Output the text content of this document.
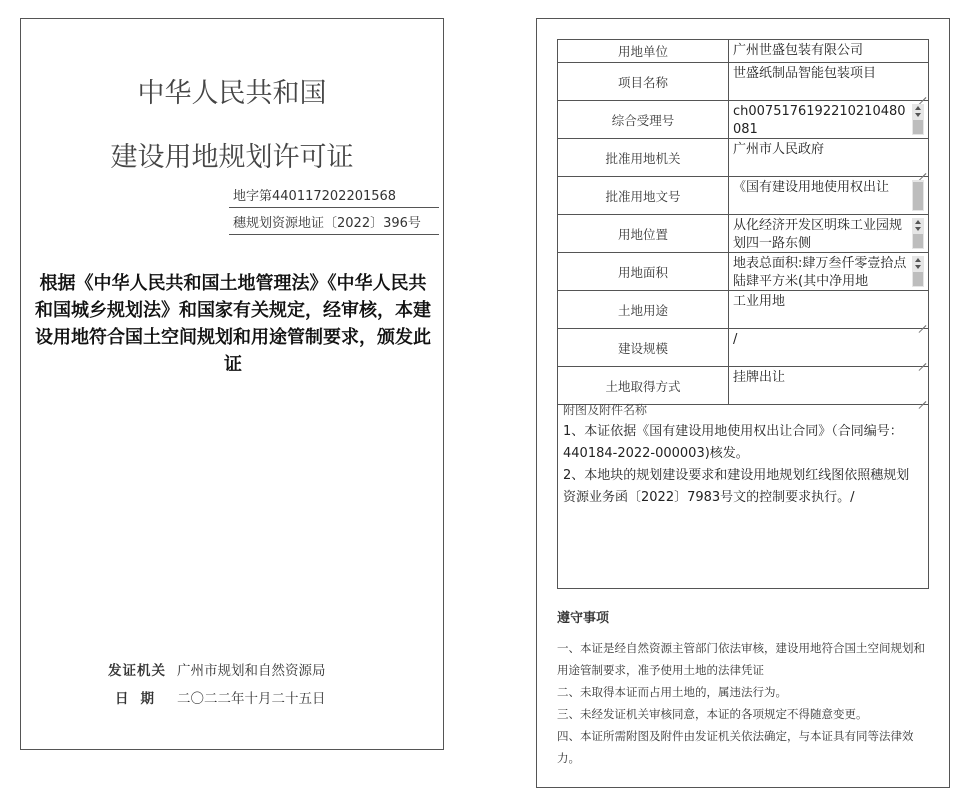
中华人民共和国
建设用地规划许可证
地字第440117202201568
穗规划资源地证〔2022〕396号
根据《中华人民共和国土地管理法》《中华人民共和国城乡规划法》和国家有关规定，经审核，本建设用地符合国土空间规划和用途管制要求，颁发此证
发证机关 广州市规划和自然资源局
日期 二〇二二年十月二十五日
用地单位	广州世盛包装有限公司

项目名称	世盛纸制品智能包装项目

综合受理号	ch0075176192210210480081

批准用地机关	广州市人民政府

批准用地文号	《国有建设用地使用权出让

用地位置	从化经济开发区明珠工业园规划四一路东侧

用地面积	地表总面积:肆万叁仟零壹拾点陆肆平方米(其中净用地

土地用途	工业用地

建设规模	/

土地取得方式	挂牌出让
附图及附件名称
1、本证依据《国有建设用地使用权出让合同》（合同编号：440184-2022-000003)核发。
2、本地块的规划建设要求和建设用地规划红线图依照穗规划资源业务函〔2022〕7983号文的控制要求执行。/
遵守事项
一、本证是经自然资源主管部门依法审核，建设用地符合国土空间规划和用途管制要求，准予使用土地的法律凭证
二、未取得本证而占用土地的，属违法行为。
三、未经发证机关审核同意，本证的各项规定不得随意变更。
四、本证所需附图及附件由发证机关依法确定，与本证具有同等法律效力。
